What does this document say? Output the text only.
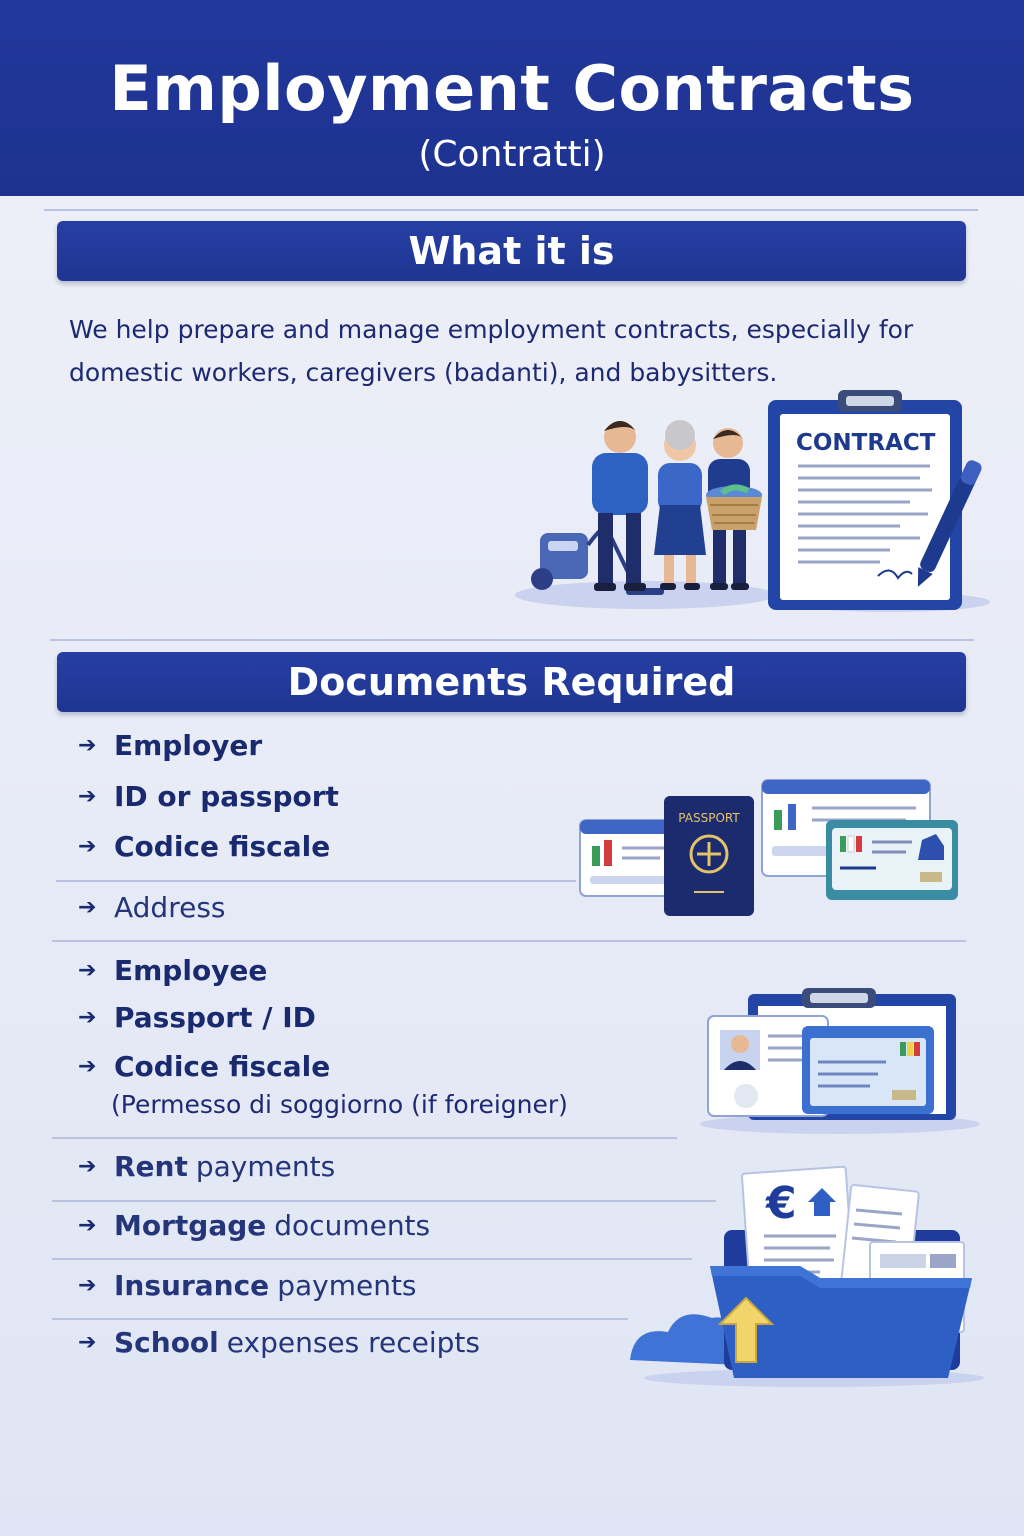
Employment Contracts
(Contratti)
What it is
We help prepare and manage employment contracts, especially for domestic workers, caregivers (badanti), and babysitters.
CONTRACT
Documents Required
➔ Employer
➔ ID or passport
➔ Codice fiscale
➔ Address
PASSPORT
➔ Employee
➔ Passport / ID
➔ Codice fiscale
(Permesso di soggiorno (if foreigner)
➔ Rent payments
➔ Mortgage documents
➔ Insurance payments
➔ School expenses receipts
€
